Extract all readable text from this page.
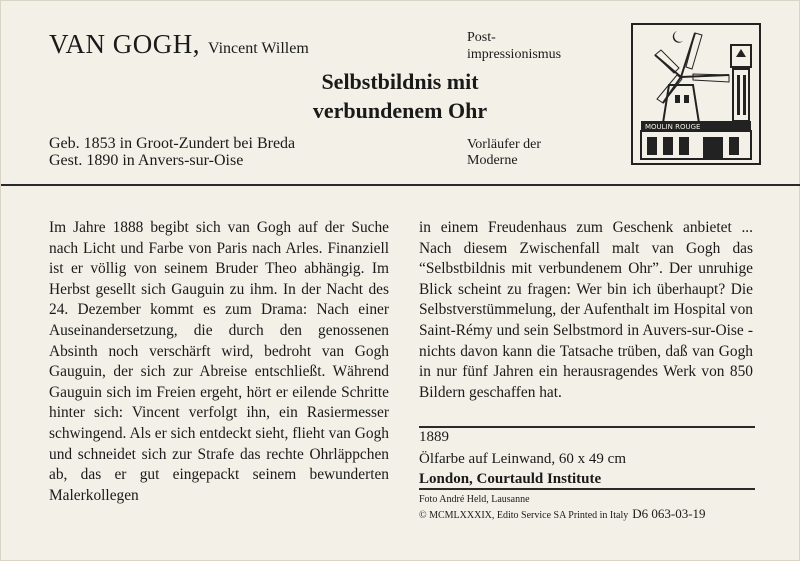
VAN GOGH, Vincent Willem
Post-
impressionismus
Selbstbildnis mit
verbundenem Ohr
Geb. 1853 in Groot-Zundert bei Breda
Gest. 1890 in Anvers-sur-Oise
Vorläufer der
Moderne
MOULIN ROUGE

Im Jahre 1888 begibt sich van Gogh auf der Suche nach Licht und Farbe von Paris nach Arles. Finanziell ist er völlig von seinem Bruder Theo abhängig. Im Herbst gesellt sich Gauguin zu ihm. In der Nacht des 24. Dezember kommt es zum Drama: Nach einer Auseinandersetzung, die durch den genossenen Absinth noch verschärft wird, bedroht van Gogh Gauguin, der sich zur Abreise entschließt. Während Gauguin sich im Freien ergeht, hört er eilende Schritte hinter sich: Vincent verfolgt ihn, ein Rasiermesser schwingend. Als er sich entdeckt sieht, flieht van Gogh und schneidet sich zur Strafe das rechte Ohrläppchen ab, das er gut eingepackt seinem bewunderten Malerkollegen

in einem Freudenhaus zum Geschenk anbietet ... Nach diesem Zwischenfall malt van Gogh das “Selbstbildnis mit verbundenem Ohr”. Der unruhige Blick scheint zu fragen: Wer bin ich überhaupt? Die Selbstverstümmelung, der Aufenthalt im Hospital von Saint-Rémy und sein Selbstmord in Auvers-sur-Oise - nichts davon kann die Tatsache trüben, daß van Gogh in nur fünf Jahren ein herausragendes Werk von 850 Bildern geschaffen hat.

1889
Ölfarbe auf Leinwand, 60 x 49 cm
London, Courtauld Institute
Foto André Held, Lausanne
© MCMLXXXIX, Edito Service SA Printed in Italy D6 063-03-19
